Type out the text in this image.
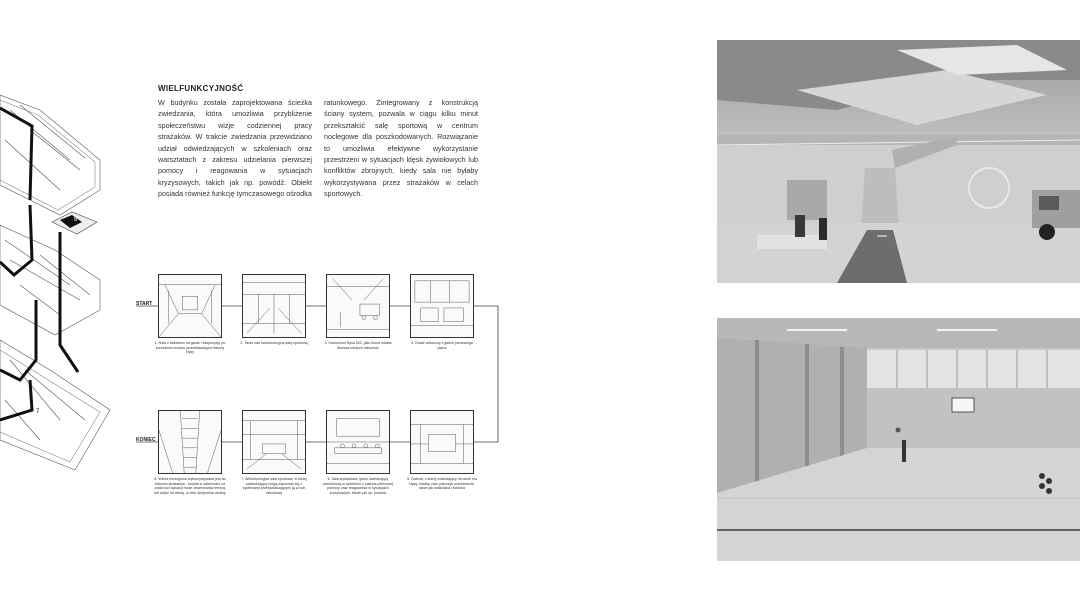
8
7
WIELFUNKCYJNOŚĆ
W budynku została zaprojektowana ścieżka zwiedzania, która umożliwia przybliżenie społeczeństwu wizje codziennej pracy strażaków. W trakcie zwiedzania przewidziano udział odwiedzających w szkoleniach oraz warsztatach z zakresu udzielania pierwszej pomocy i reagowania w sytuacjach kryzysowych, takich jak np. powódź. Obiekt posiada również funkcję tymczasowego ośrodka
ratunkowego. Zintegrowany z konstrukcją ściany system, pozwala w ciągu kilku minut przekształcić salę sportową w centrum noclegowe dla poszkodowanych. Rozwiązanie to umożliwia efektywne wykorzystanie przestrzeni w sytuacjach klęsk żywiołowych lub konfliktów zbrojnych, kiedy sala nie byłaby wykorzystywana przez strażaków w celach sportowych.
START
KONIEC
1. Hala z widokiem na garaż i ekspozycję po przeszłości ściana przedstawiająca historię Nysy
2. Taras nad wielofunkcyjną salą sportową	3. Samochód Nysa 522, jako ikona miasta dłuższa miejsce mieszkań
4. Garaż widoczny z galerii pierwszego piętra
8. Wieża treningowa wykorzystywana jest do ćwiczeń strażaków - turysta w zależności od zdolności sytuacji może obserwować trening lub wejść na wieżę, w celu obejrzenia okolicy
7. Wielofunkcyjna sala sportowa, w której odwiedzający mogą zapoznać się z systemami przekształcającymi ją w hub ratunkowy
6. Sala wykładowa, gdzie zwiedzający uczestniczą w szkoleniu z zakresu pierwszej pomocy oraz reagowania w sytuacjach kryzysowych, takich jak np. powódź
5. Galeria, z której zwiedzający na wiele ma Nysę, kładkę oraz pokonuje przestrzenie, także jak siatkówka i ścianka
